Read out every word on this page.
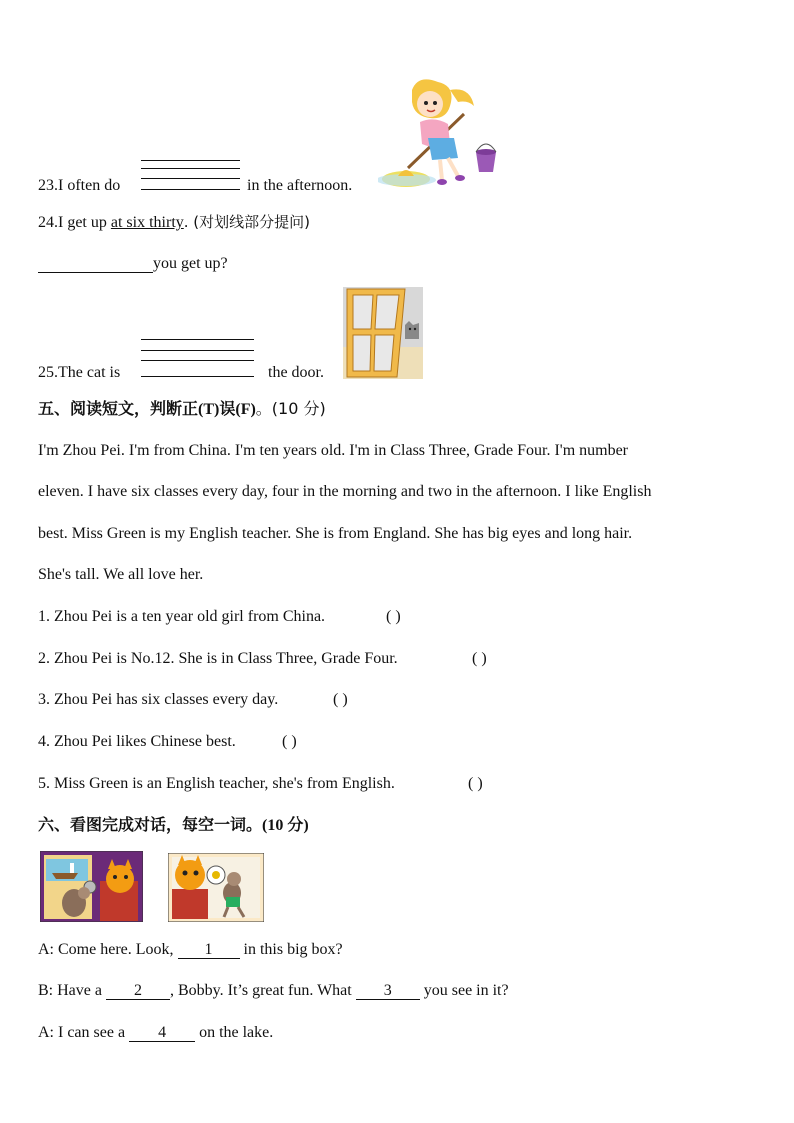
23.I often do	in the afternoon.
24.I get up at six thirty. (对划线部分提问)
you get up?
25.The cat is	the door.
五、阅读短文，判断正(T)误(F)。(10 分)
I'm Zhou Pei. I'm from China. I'm ten years old. I'm in Class Three, Grade Four. I'm number
eleven. I have six classes every day, four in the morning and two in the afternoon. I like English
best. Miss Green is my English teacher. She is from England. She has big eyes and long hair.
She's tall. We all love her.
1. Zhou Pei is a ten year old girl from China.	( )
2. Zhou Pei is No.12. She is in Class Three, Grade Four.	( )
3. Zhou Pei has six classes every day.	( )
4. Zhou Pei likes Chinese best.	( )
5. Miss Green is an English teacher, she's from English.	( )
六、看图完成对话，每空一词。(10 分)
A: Come here. Look, 1 in this big box?
B: Have a 2 , Bobby. It’s great fun. What 3 you see in it?
A: I can see a 4 on the lake.
